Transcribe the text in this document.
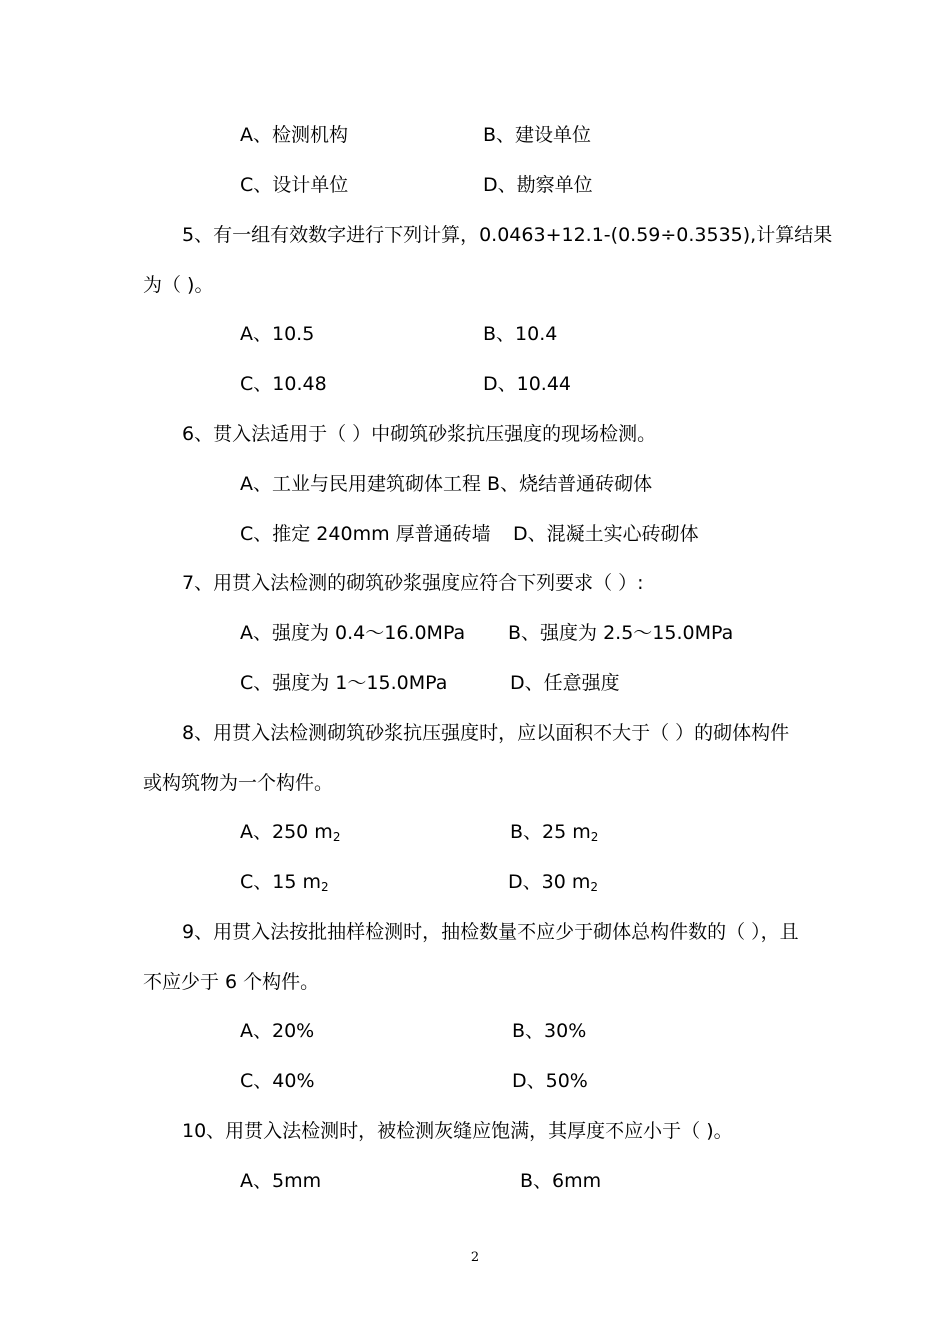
A、检测机构	B、建设单位
C、设计单位	D、勘察单位
5、有一组有效数字进行下列计算，0.0463+12.1-(0.59÷0.3535),计算结果
为（ )。
A、10.5	B、10.4
C、10.48	D、10.44
6、贯入法适用于（ ）中砌筑砂浆抗压强度的现场检测。
A、工业与民用建筑砌体工程 B、烧结普通砖砌体
C、推定 240mm 厚普通砖墙 D、混凝土实心砖砌体
7、用贯入法检测的砌筑砂浆强度应符合下列要求（ ）:
A、强度为 0.4～16.0MPa B、强度为 2.5～15.0MPa
C、强度为 1～15.0MPa	D、任意强度
8、用贯入法检测砌筑砂浆抗压强度时，应以面积不大于（ ）的砌体构件
或构筑物为一个构件。
A、250 $m_2$	B、25 $m_2$
C、15 $m_2$	D、30 $m_2$
9、用贯入法按批抽样检测时，抽检数量不应少于砌体总构件数的（ ），且
不应少于 6 个构件。
A、20%	B、30%
C、40%	D、50%
10、用贯入法检测时，被检测灰缝应饱满，其厚度不应小于（ )。
A、5mm	B、6mm
2
